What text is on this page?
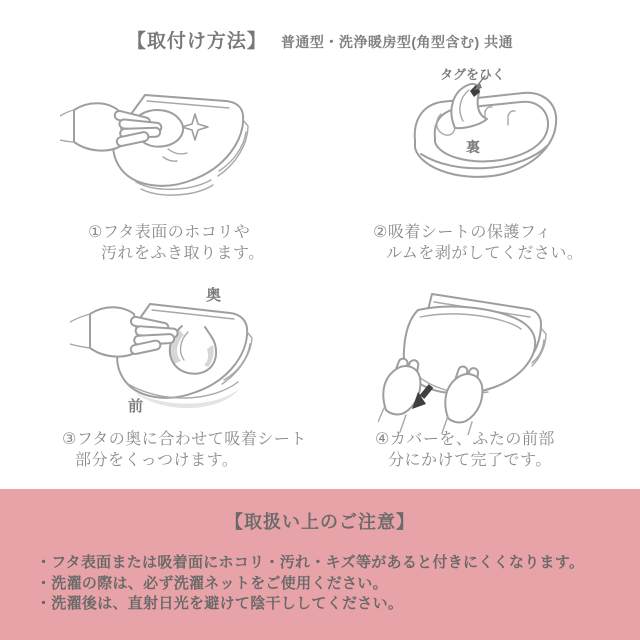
【取付け方法】 普通型・洗浄暖房型(角型含む) 共通
タグをひく
裏
奥
前
①フタ表面のホコリや
汚れをふき取ります。
②吸着シートの保護フィ
ルムを剥がしてください。
③フタの奥に合わせて吸着シート
部分をくっつけます。
④カバーを、ふたの前部
分にかけて完了です。
【取扱い上のご注意】
・フタ表面または吸着面にホコリ・汚れ・キズ等があると付きにくくなります。
・洗濯の際は、必ず洗濯ネットをご使用ください。
・洗濯後は、直射日光を避けて陰干ししてください。
